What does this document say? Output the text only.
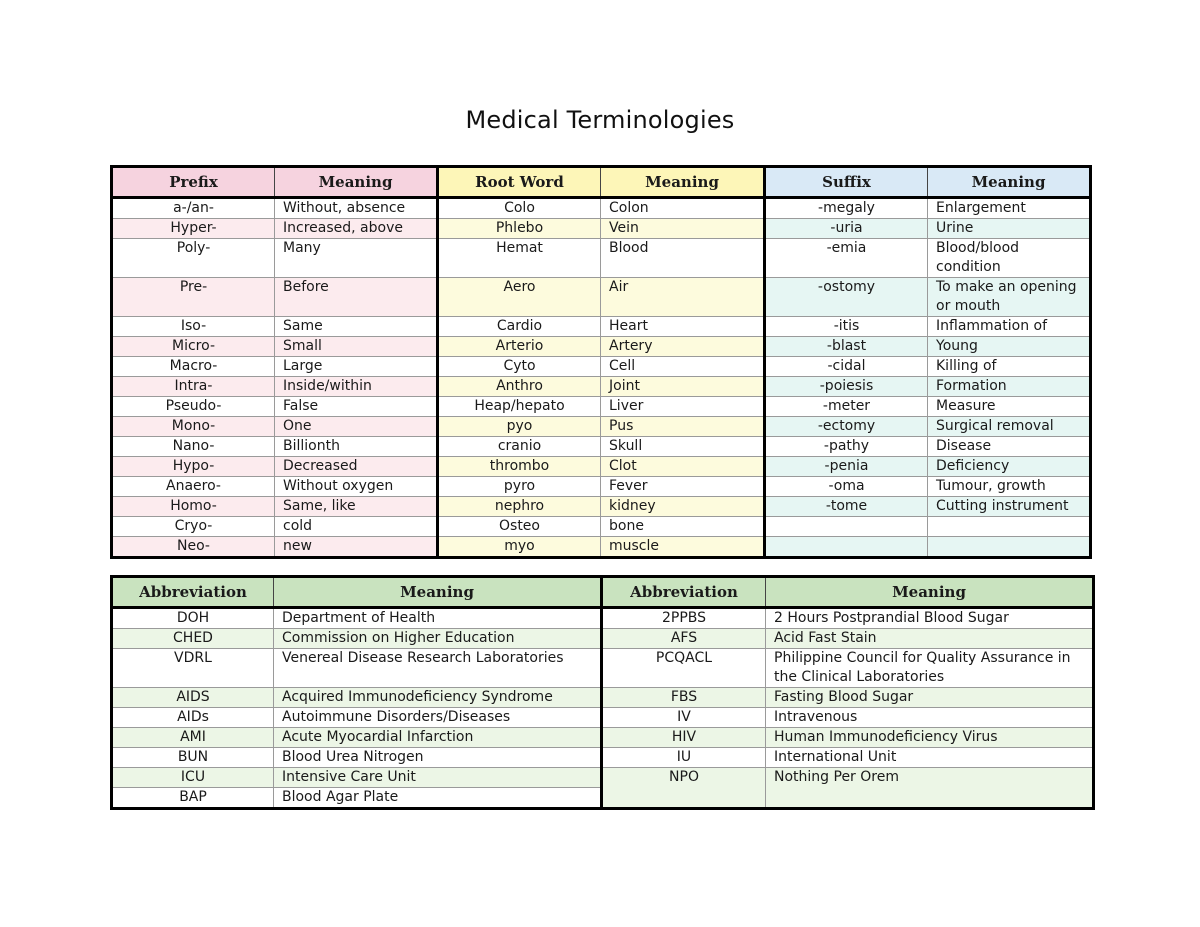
Medical Terminologies
Prefix	Meaning	Root Word	Meaning	Suffix	Meaning
a-/an-	Without, absence	Colo	Colon	-megaly	Enlargement
Hyper-	Increased, above	Phlebo	Vein	-uria	Urine
Poly-	Many	Hemat	Blood	-emia	Blood/blood condition
Pre-	Before	Aero	Air	-ostomy	To make an opening or mouth
Iso-	Same	Cardio	Heart	-itis	Inflammation of
Micro-	Small	Arterio	Artery	-blast	Young
Macro-	Large	Cyto	Cell	-cidal	Killing of
Intra-	Inside/within	Anthro	Joint	-poiesis	Formation
Pseudo-	False	Heap/hepato	Liver	-meter	Measure
Mono-	One	pyo	Pus	-ectomy	Surgical removal
Nano-	Billionth	cranio	Skull	-pathy	Disease
Hypo-	Decreased	thrombo	Clot	-penia	Deficiency
Anaero-	Without oxygen	pyro	Fever	-oma	Tumour, growth
Homo-	Same, like	nephro	kidney	-tome	Cutting instrument
Cryo-	cold	Osteo	bone		
Neo-	new	myo	muscle		
Abbreviation	Meaning	Abbreviation	Meaning
DOH	Department of Health	2PPBS	2 Hours Postprandial Blood Sugar
CHED	Commission on Higher Education	AFS	Acid Fast Stain
VDRL	Venereal Disease Research Laboratories	PCQACL	Philippine Council for Quality Assurance in the Clinical Laboratories
AIDS	Acquired Immunodeficiency Syndrome	FBS	Fasting Blood Sugar
AIDs	Autoimmune Disorders/Diseases	IV	Intravenous
AMI	Acute Myocardial Infarction	HIV	Human Immunodeficiency Virus
BUN	Blood Urea Nitrogen	IU	International Unit
ICU	Intensive Care Unit	NPO	Nothing Per Orem
BAP	Blood Agar Plate		
